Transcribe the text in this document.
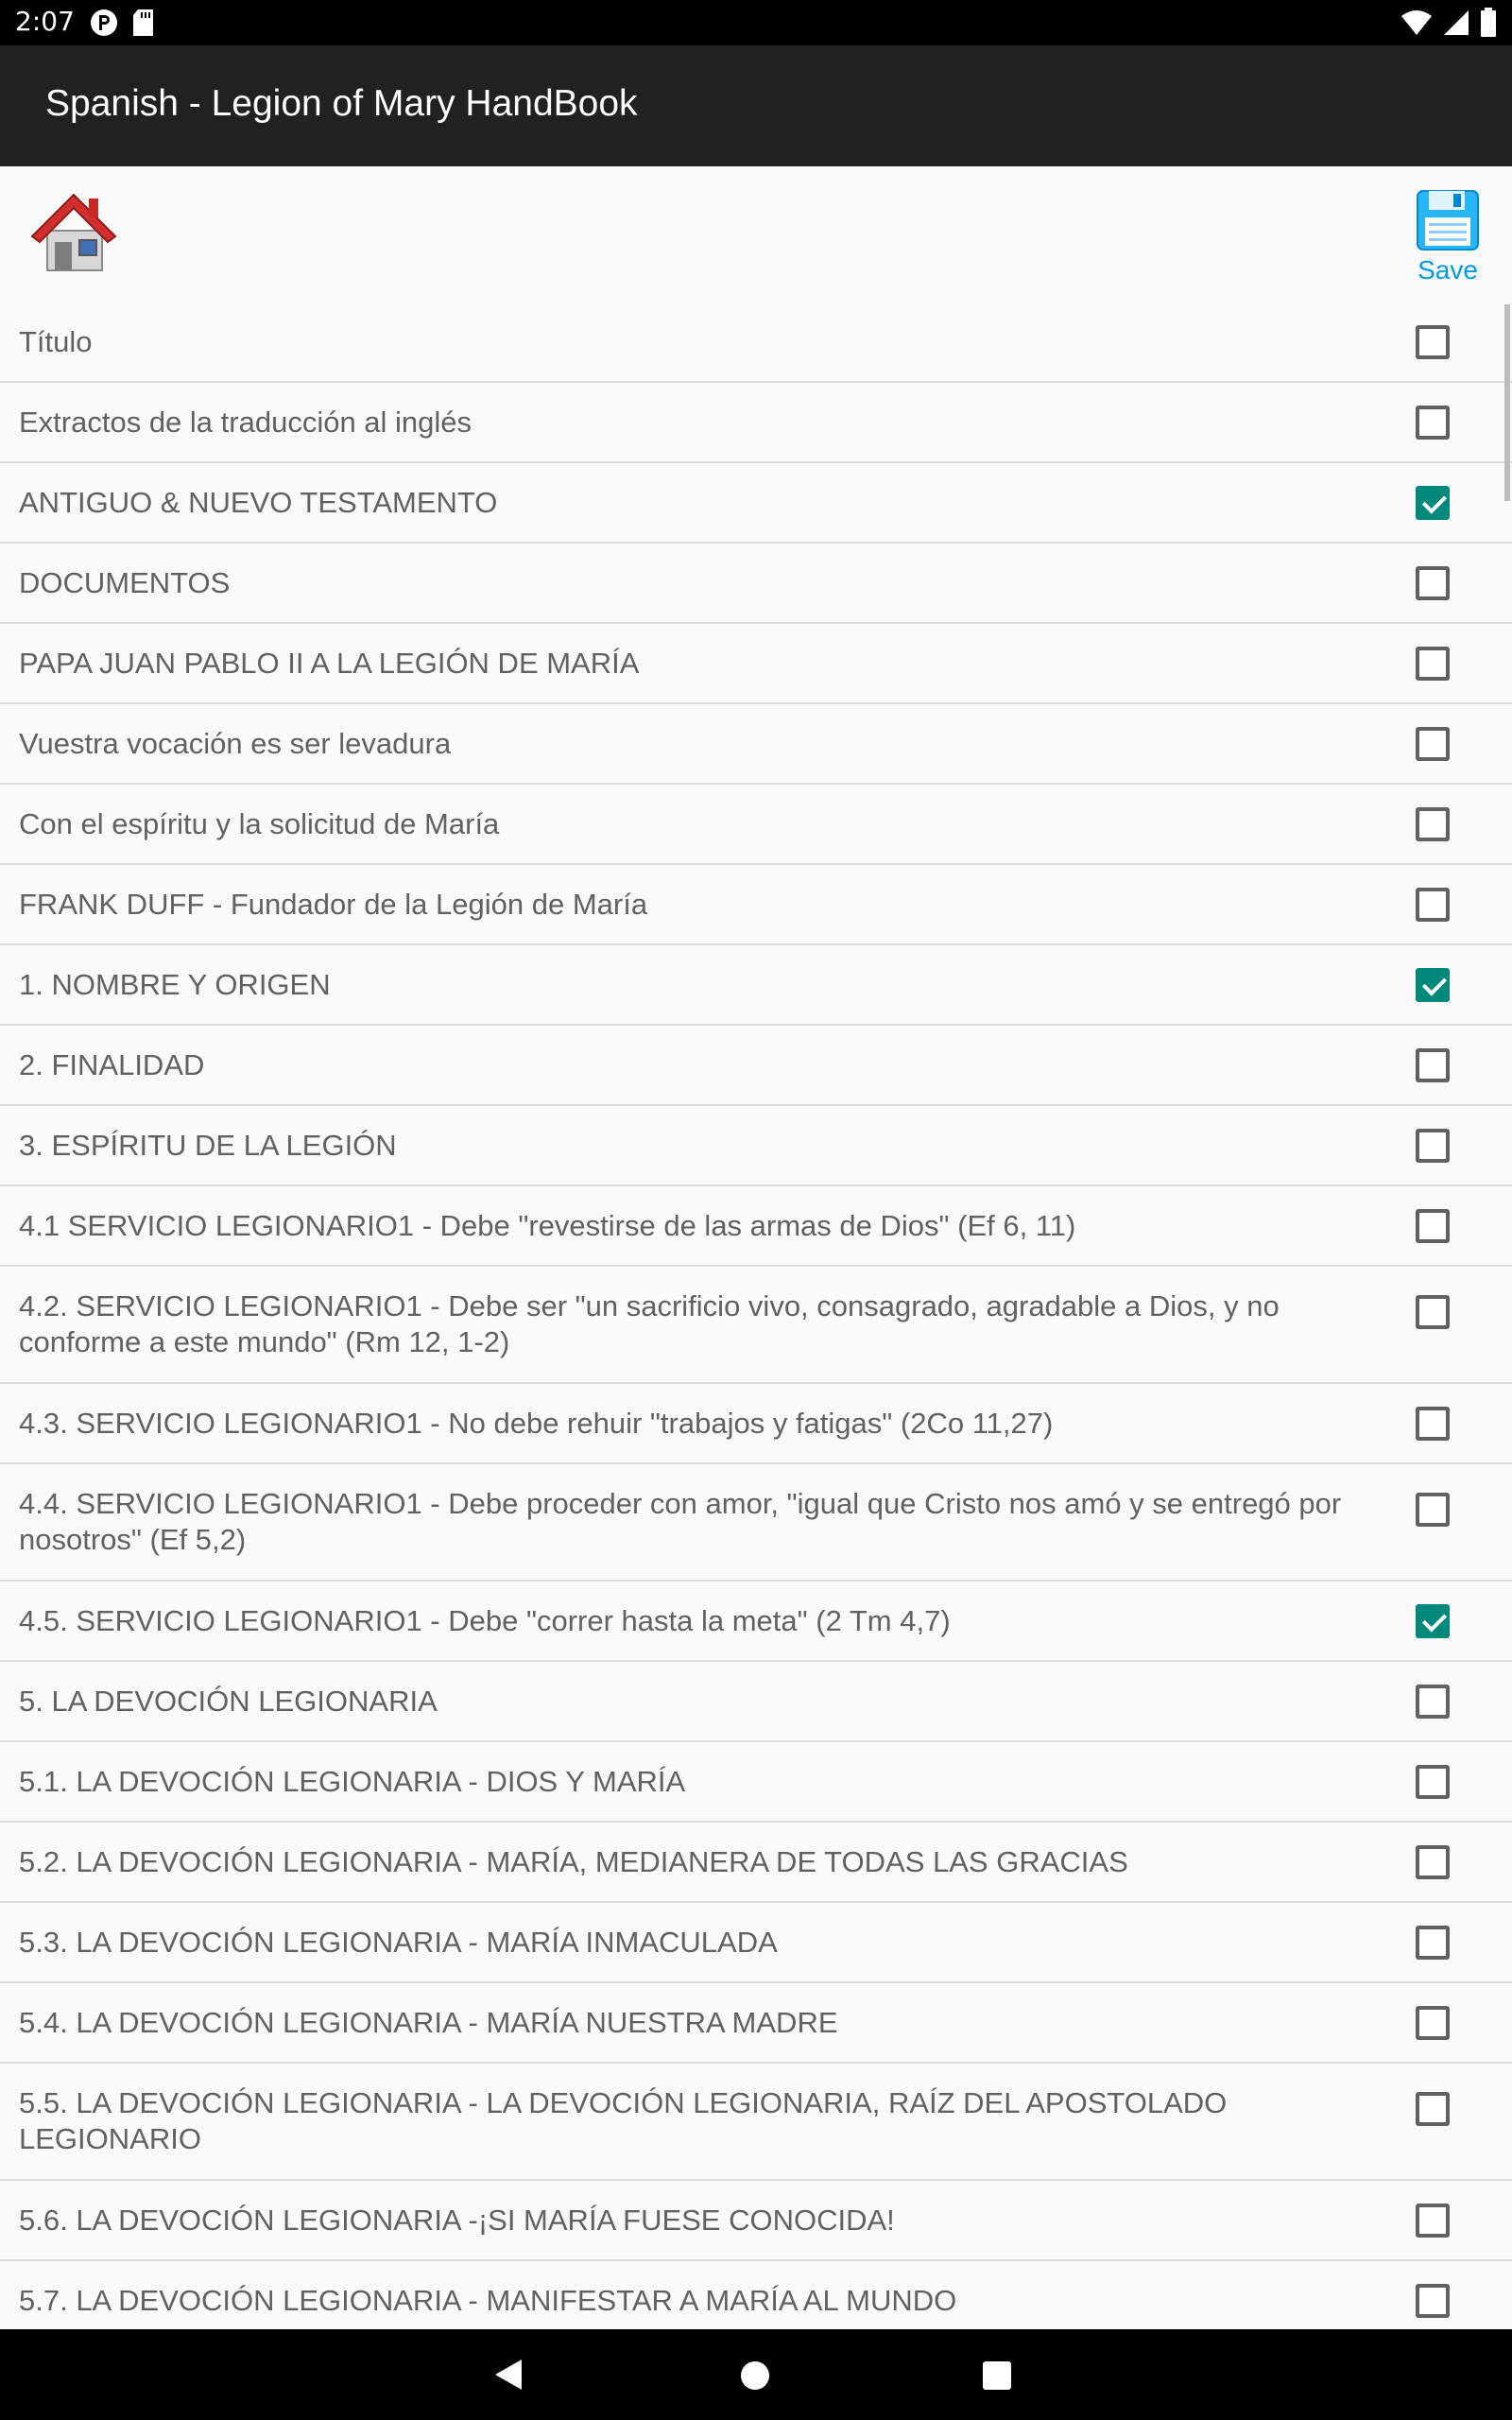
2:07
Spanish - Legion of Mary HandBook
Save
Título
Extractos de la traducción al inglés
ANTIGUO & NUEVO TESTAMENTO
DOCUMENTOS
PAPA JUAN PABLO II A LA LEGIÓN DE MARÍA
Vuestra vocación es ser levadura
Con el espíritu y la solicitud de María
FRANK DUFF - Fundador de la Legión de María
1. NOMBRE Y ORIGEN
2. FINALIDAD
3. ESPÍRITU DE LA LEGIÓN
4.1 SERVICIO LEGIONARIO1 - Debe "revestirse de las armas de Dios" (Ef 6, 11)
4.2. SERVICIO LEGIONARIO1 - Debe ser "un sacrificio vivo, consagrado, agradable a Dios, y no conforme a este mundo" (Rm 12, 1-2)
4.3. SERVICIO LEGIONARIO1 - No debe rehuir "trabajos y fatigas" (2Co 11,27)
4.4. SERVICIO LEGIONARIO1 - Debe proceder con amor, "igual que Cristo nos amó y se entregó por nosotros" (Ef 5,2)
4.5. SERVICIO LEGIONARIO1 - Debe "correr hasta la meta" (2 Tm 4,7)
5. LA DEVOCIÓN LEGIONARIA
5.1. LA DEVOCIÓN LEGIONARIA - DIOS Y MARÍA
5.2. LA DEVOCIÓN LEGIONARIA - MARÍA, MEDIANERA DE TODAS LAS GRACIAS
5.3. LA DEVOCIÓN LEGIONARIA - MARÍA INMACULADA
5.4. LA DEVOCIÓN LEGIONARIA - MARÍA NUESTRA MADRE
5.5. LA DEVOCIÓN LEGIONARIA - LA DEVOCIÓN LEGIONARIA, RAÍZ DEL APOSTOLADO LEGIONARIO
5.6. LA DEVOCIÓN LEGIONARIA -¡SI MARÍA FUESE CONOCIDA!
5.7. LA DEVOCIÓN LEGIONARIA - MANIFESTAR A MARÍA AL MUNDO
